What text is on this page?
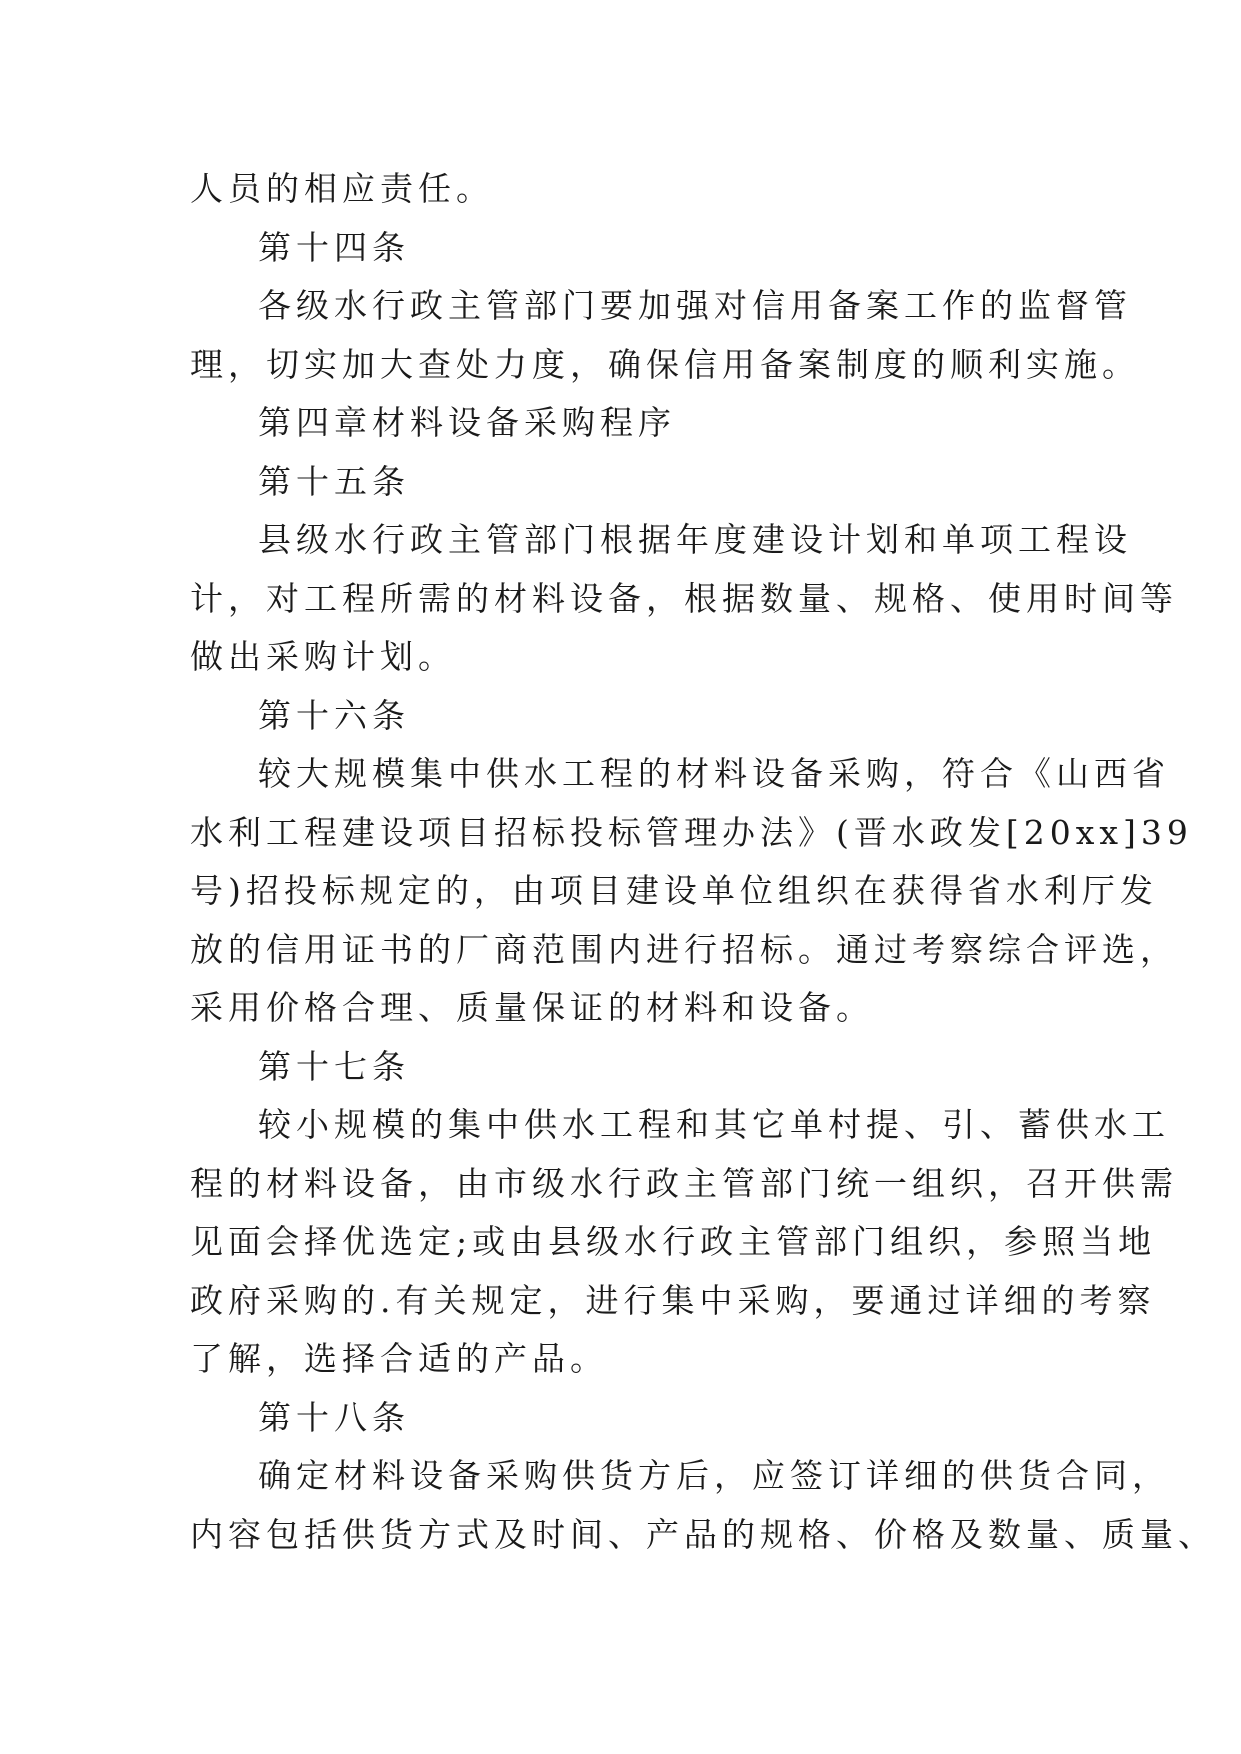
人员的相应责任。
第十四条
各级水行政主管部门要加强对信用备案工作的监督管
理，切实加大查处力度，确保信用备案制度的顺利实施。
第四章材料设备采购程序
第十五条
县级水行政主管部门根据年度建设计划和单项工程设
计，对工程所需的材料设备，根据数量、规格、使用时间等
做出采购计划。
第十六条
较大规模集中供水工程的材料设备采购，符合《山西省
水利工程建设项目招标投标管理办法》(晋水政发[20xx]39
号)招投标规定的，由项目建设单位组织在获得省水利厅发
放的信用证书的厂商范围内进行招标。通过考察综合评选，
采用价格合理、质量保证的材料和设备。
第十七条
较小规模的集中供水工程和其它单村提、引、蓄供水工
程的材料设备，由市级水行政主管部门统一组织，召开供需
见面会择优选定;或由县级水行政主管部门组织，参照当地
政府采购的.有关规定，进行集中采购，要通过详细的考察
了解，选择合适的产品。
第十八条
确定材料设备采购供货方后，应签订详细的供货合同，
内容包括供货方式及时间、产品的规格、价格及数量、质量、
